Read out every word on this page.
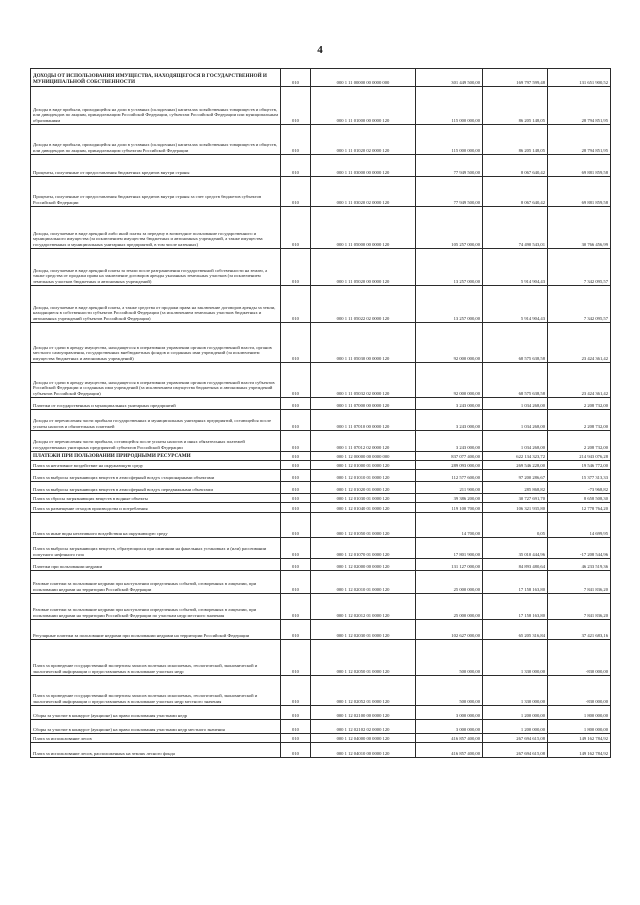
4
ДОХОДЫ ОТ ИСПОЛЬЗОВАНИЯ ИМУЩЕСТВА, НАХОДЯЩЕГОСЯ В ГОСУДАРСТВЕННОЙ И МУНИЦИПАЛЬНОЙ СОБСТВЕННОСТИ	010	000 1 11 00000 00 0000 000	301 449 500,00	169 797 599,48	131 651 900,52
Доходы в виде прибыли, приходящейся на доли в уставных (складочных) капиталах хозяйственных товариществ и обществ, или дивидендов по акциям, принадлежащим Российской Федерации, субъектам Российской Федерации или муниципальным образованиям	010	000 1 11 01000 00 0000 120	115 000 000,00	86 205 148,05	28 794 851,95
Доходы в виде прибыли, приходящейся на доли в уставных (складочных) капиталах хозяйственных товариществ и обществ, или дивидендов по акциям, принадлежащим субъектам Российской Федерации	010	000 1 11 01020 02 0000 120	115 000 000,00	86 205 148,05	28 794 851,95
Проценты, полученные от предоставления бюджетных кредитов внутри страны	010	000 1 11 03000 00 0000 120	77 949 500,00	8 067 640,42	69 881 859,58
Проценты, полученные от предоставления бюджетных кредитов внутри страны за счет средств бюджетов субъектов Российской Федерации	010	000 1 11 03020 02 0000 120	77 949 500,00	8 067 640,42	69 881 859,58
Доходы, получаемые в виде арендной либо иной платы за передачу в возмездное пользование государственного и муниципального имущества (за исключением имущества бюджетных и автономных учреждений, а также имущества государственных и муниципальных унитарных предприятий, в том числе казенных)	010	000 1 11 05000 00 0000 120	105 257 000,00	74 490 543,01	30 766 456,99
Доходы, получаемые в виде арендной платы за земли после разграничения государственной собственности на землю, а также средства от продажи права на заключение договоров аренды указанных земельных участков (за исключением земельных участков бюджетных и автономных учреждений)	010	000 1 11 05020 00 0000 120	13 257 000,00	5 914 904,43	7 342 095,57
Доходы, получаемые в виде арендной платы, а также средства от продажи права на заключение договоров аренды за земли, находящиеся в собственности субъектов Российской Федерации (за исключением земельных участков бюджетных и автономных учреждений субъектов Российской Федерации)	010	000 1 11 05022 02 0000 120	13 257 000,00	5 914 904,43	7 342 095,57
Доходы от сдачи в аренду имущества, находящегося в оперативном управлении органов государственной власти, органов местного самоуправления, государственных внебюджетных фондов и созданных ими учреждений (за исключением имущества бюджетных и автономных учреждений)	010	000 1 11 05030 00 0000 120	92 000 000,00	68 575 638,58	23 424 361,42
Доходы от сдачи в аренду имущества, находящегося в оперативном управлении органов государственной власти субъектов Российской Федерации и созданных ими учреждений (за исключением имущества бюджетных и автономных учреждений субъектов Российской Федерации)	010	000 1 11 05032 02 0000 120	92 000 000,00	68 575 638,58	23 424 361,42
Платежи от государственных и муниципальных унитарных предприятий	010	000 1 11 07000 00 0000 120	3 243 000,00	1 034 268,00	2 208 732,00
Доходы от перечисления части прибыли государственных и муниципальных унитарных предприятий, остающейся после уплаты налогов и обязательных платежей	010	000 1 11 07010 00 0000 120	3 243 000,00	1 034 268,00	2 208 732,00
Доходы от перечисления части прибыли, остающейся после уплаты налогов и иных обязательных платежей государственных унитарных предприятий субъектов Российской Федерации	010	000 1 11 07012 02 0000 120	3 243 000,00	1 034 268,00	2 208 732,00
ПЛАТЕЖИ ПРИ ПОЛЬЗОВАНИИ ПРИРОДНЫМИ РЕСУРСАМИ	010	000 1 12 00000 00 0000 000	837 077 400,00	622 134 323,72	214 943 076,28
Плата за негативное воздействие на окружающую среду	010	000 1 12 01000 01 0000 120	289 093 000,00	269 546 228,00	19 546 772,00
Плата за выбросы загрязняющих веществ в атмосферный воздух стационарными объектами	010	000 1 12 01010 01 0000 120	112 577 600,00	97 200 286,67	15 377 313,33
Плата за выбросы загрязняющих веществ в атмосферный воздух передвижными объектами	010	000 1 12 01020 01 0000 120	211 900,00	285 868,82	-73 968,82
Плата за сбросы загрязняющих веществ в водные объекты	010	000 1 12 01030 01 0000 120	39 386 200,00	30 727 691,70	8 658 508,30
Плата за размещение отходов производства и потребления	010	000 1 12 01040 01 0000 120	119 100 700,00	106 321 935,80	12 778 764,20
Плата за иные виды негативного воздействия на окружающую среду	010	000 1 12 01050 01 0000 120	14 700,00	0,05	14 699,95
Плата за выбросы загрязняющих веществ, образующихся при сжигании на факельных установках и (или) рассеивании попутного нефтяного газа	010	000 1 12 01070 01 0000 120	17 801 900,00	35 010 444,96	-17 208 544,96
Платежи при пользовании недрами	010	000 1 12 02000 00 0000 120	131 127 000,00	84 893 480,64	46 233 519,36
Разовые платежи за пользование недрами при наступлении определенных событий, оговоренных в лицензии, при пользовании недрами на территории Российской Федерации	010	000 1 12 02010 01 0000 120	25 000 000,00	17 158 163,80	7 841 836,20
Разовые платежи за пользование недрами при наступлении определенных событий, оговоренных в лицензии, при пользовании недрами на территории Российской Федерации по участкам недр местного значения	010	000 1 12 02012 01 0000 120	25 000 000,00	17 158 163,80	7 841 836,20
Регулярные платежи за пользование недрами при пользовании недрами на территории Российской Федерации	010	000 1 12 02030 01 0000 120	102 627 000,00	65 205 316,84	37 421 683,16
Плата за проведение государственной экспертизы запасов полезных ископаемых, геологической, экономической и экологической информации о предоставляемых в пользование участках недр	010	000 1 12 02050 01 0000 120	500 000,00	1 330 000,00	-830 000,00
Плата за проведение государственной экспертизы запасов полезных ископаемых, геологической, экономической и экологической информации о предоставляемых в пользование участках недр местного значения	010	000 1 12 02052 01 0000 120	500 000,00	1 330 000,00	-830 000,00
Сборы за участие в конкурсе (аукционе) на право пользования участками недр	010	000 1 12 02100 00 0000 120	3 000 000,00	1 200 000,00	1 800 000,00
Сборы за участие в конкурсе (аукционе) на право пользования участками недр местного значения	010	000 1 12 02102 02 0000 120	3 000 000,00	1 200 000,00	1 800 000,00
Плата за использование лесов	010	000 1 12 04000 00 0000 120	416 857 400,00	267 694 615,08	149 162 784,92
Плата за использование лесов, расположенных на землях лесного фонда	010	000 1 12 04010 00 0000 120	416 857 400,00	267 694 615,08	149 162 784,92
